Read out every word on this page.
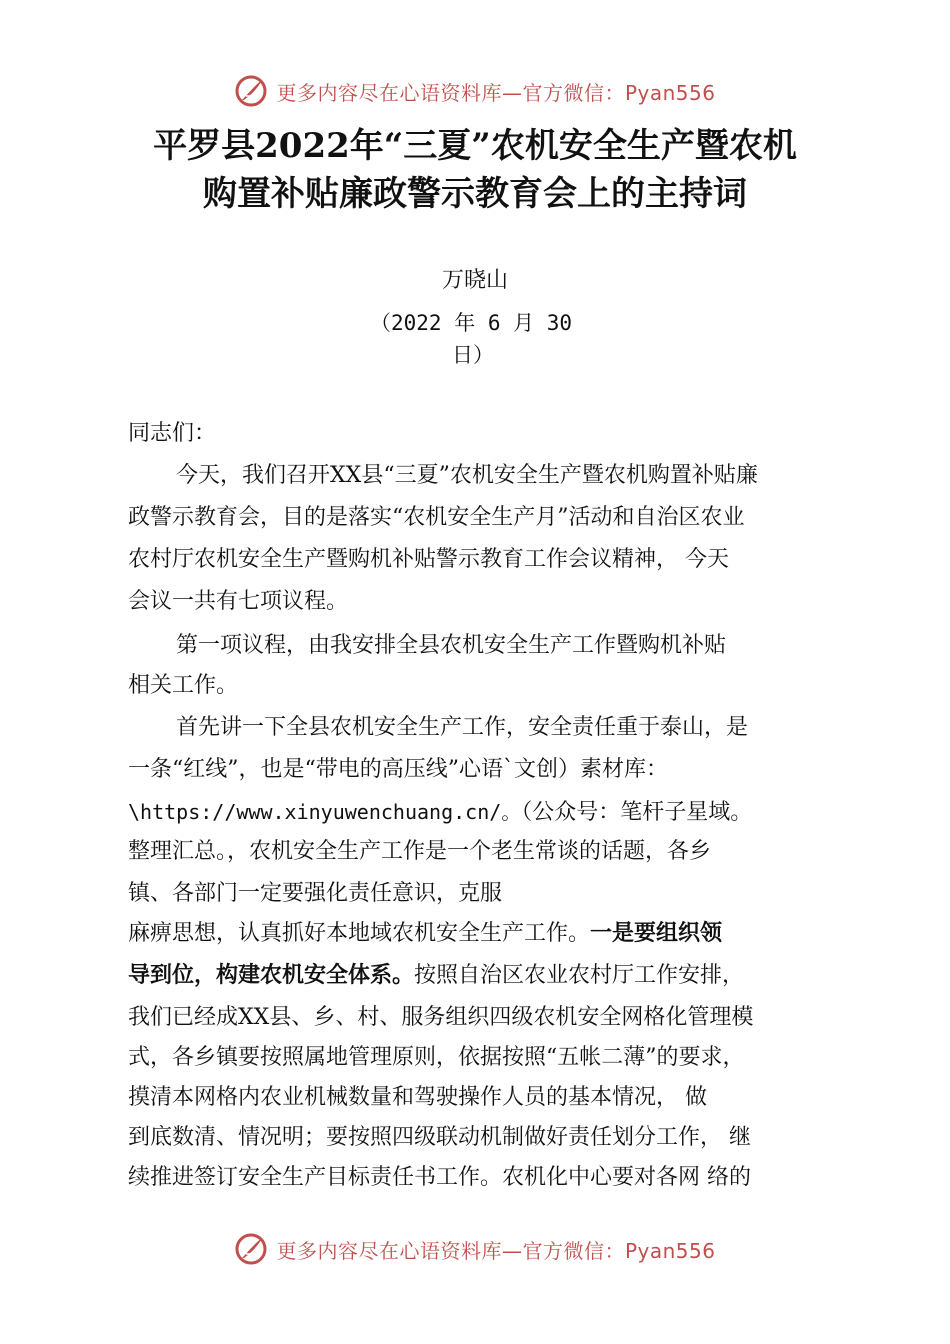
更多内容尽在心语资料库—官方微信：Pyan556
平罗县2022年“三夏”农机安全生产暨农机
购置补贴廉政警示教育会上的主持词
万晓山
（2022 年 6 月 30
日）
同志们：
今天，我们召开XX县“三夏”农机安全生产暨农机购置补贴廉
政警示教育会，目的是落实“农机安全生产月”活动和自治区农业
农村厅农机安全生产暨购机补贴警示教育工作会议精神， 今天
会议一共有七项议程。
第一项议程，由我安排全县农机安全生产工作暨购机补贴
相关工作。
首先讲一下全县农机安全生产工作，安全责任重于泰山，是
一条“红线”，也是“带电的高压线”心语`文创）素材库：
\https://www.xinyuwenchuang.cn/。（公众号：笔杆子星域。
整理汇总。，农机安全生产工作是一个老生常谈的话题，各乡
镇、各部门一定要强化责任意识，克服
麻痹思想，认真抓好本地域农机安全生产工作。一是要组织领
导到位，构建农机安全体系。按照自治区农业农村厅工作安排，
我们已经成XX县、乡、村、服务组织四级农机安全网格化管理模
式，各乡镇要按照属地管理原则，依据按照“五帐二薄”的要求，
摸清本网格内农业机械数量和驾驶操作人员的基本情况， 做
到底数清、情况明；要按照四级联动机制做好责任划分工作， 继
续推进签订安全生产目标责任书工作。农机化中心要对各网 络的
更多内容尽在心语资料库—官方微信：Pyan556
